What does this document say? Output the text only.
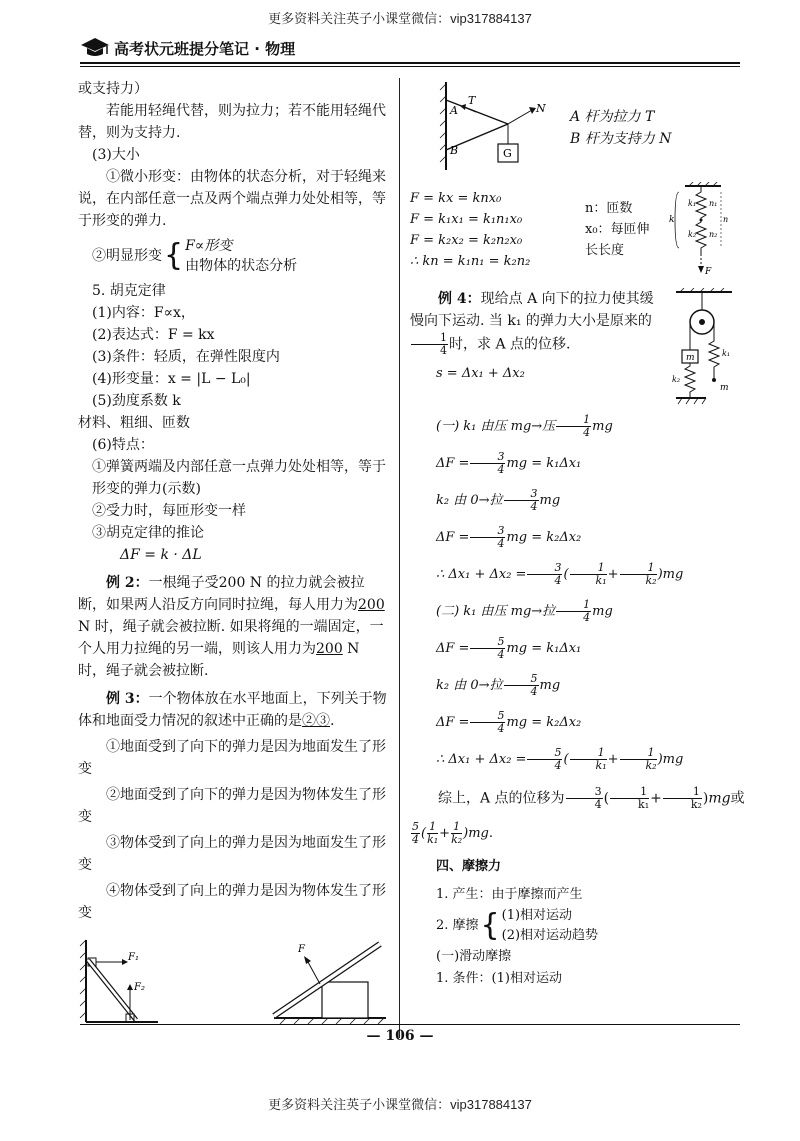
更多资料关注英子小课堂微信：vip317884137
高考状元班提分笔记 · 物理

或支持力）

若能用轻绳代替，则为拉力；若不能用轻绳代替，则为支持力.

(3)大小

①微小形变：由物体的状态分析，对于轻绳来说，在内部任意一点及两个端点弹力处处相等，等于形变的弹力.

②明显形变 { F∝形变
由物体的状态分析

5. 胡克定律

(1)内容：F∝x，

(2)表达式：F = kx

(3)条件：轻质，在弹性限度内

(4)形变量：x = |L − L₀|

(5)劲度系数 k

材料、粗细、匝数

(6)特点：

①弹簧两端及内部任意一点弹力处处相等，等于形变的弹力(示数)

②受力时，每匝形变一样

③胡克定律的推论

ΔF = k · ΔL

例 2：一根绳子受200 N 的拉力就会被拉断，如果两人沿反方向同时拉绳，每人用力为200 N 时，绳子就会被拉断. 如果将绳的一端固定，一个人用力拉绳的另一端，则该人用力为200 N 时，绳子就会被拉断.

例 3：一个物体放在水平地面上，下列关于物体和地面受力情况的叙述中正确的是②③.

①地面受到了向下的弹力是因为地面发生了形变

②地面受到了向下的弹力是因为物体发生了形变

③物体受到了向上的弹力是因为地面发生了形变

④物体受到了向上的弹力是因为物体发生了形变

F₁
F₂
F
G
N
T
A
B

A 杆为拉力 T

B 杆为支持力 N

F = kx = knx₀

F = k₁x₁ = k₁n₁x₀

F = k₂x₂ = k₂n₂x₀

∴ kn = k₁n₁ = k₂n₂

n：匝数

x₀：每匝伸

长长度

F
k₁
k₂
n₁
n₂
n
k

例 4：现给点 A 向下的拉力使其缓慢向下运动. 当 k₁ 的弹力大小是原来的
$\frac{1}{4}$ 时，求 A 点的位移.

s = Δx₁ + Δx₂

m
k₂
k₁
m

(一) k₁ 由压 mg→压 $\frac{1}{4}$ mg

$\Delta F = \frac{3}{4}$ mg = k₁Δx₁

k₂ 由 0→拉 $\frac{3}{4}$ mg

$\Delta F = \frac{3}{4}$ mg = k₂Δx₂

∴ $\Delta x_1 + \Delta x_2 = \frac{3}{4}$ ( $\frac{1}{\text{k₁}} + \frac{1}{\text{k₂}} )mg$

(二) k₁ 由压 mg→拉 $\frac{1}{4}$ mg

$\Delta F = \frac{5}{4}$ mg = k₁Δx₁

k₂ 由 0→拉 $\frac{5}{4}$ mg

$\Delta F = \frac{5}{4}$ mg = k₂Δx₂

∴ $\Delta x_1 + \Delta x_2 = \frac{5}{4}$ ( $\frac{1}{\text{k₁}} + \frac{1}{\text{k₂}} )mg$

综上，A 点的位移为 $\frac{3}{4}$ ( $\frac{1}{\text{k₁}} + \frac{1}{\text{k₂}} )mg$或

$\frac{5}{4}$ ( $\frac{1}{\text{k₁}} + \frac{1}{\text{k₂}} )mg$.

四、摩擦力

1. 产生：由于摩擦而产生

2. 摩擦 { (1)相对运动
(2)相对运动趋势

(一)滑动摩擦

1. 条件：(1)相对运动

— 106 —
更多资料关注英子小课堂微信：vip317884137
